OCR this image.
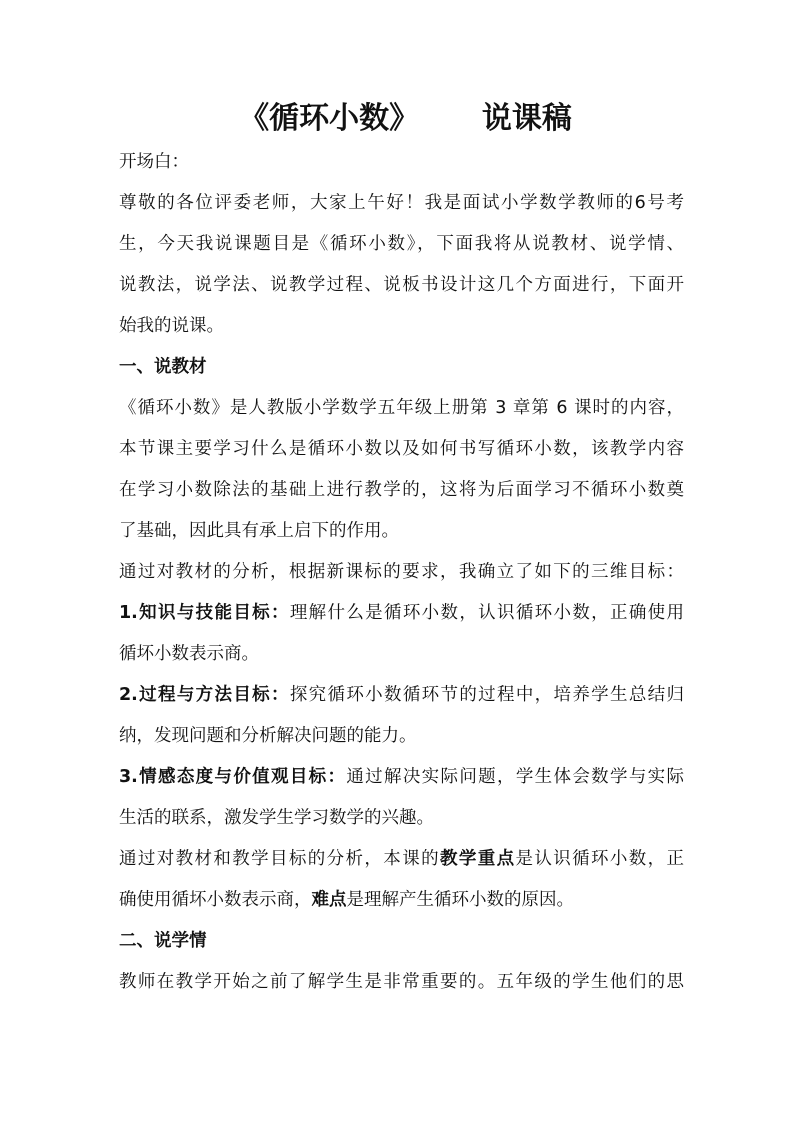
《循环小数》      说课稿

开场白：

尊敬的各位评委老师，大家上午好！我是面试小学数学教师的6号考

生，今天我说课题目是《循环小数》，下面我将从说教材、说学情、

说教法，说学法、说教学过程、说板书设计这几个方面进行，下面开

始我的说课。

一、说教材

《循环小数》是人教版小学数学五年级上册第 3 章第 6 课时的内容，

本节课主要学习什么是循环小数以及如何书写循环小数，该教学内容

在学习小数除法的基础上进行教学的，这将为后面学习不循环小数奠

了基础，因此具有承上启下的作用。

通过对教材的分析，根据新课标的要求，我确立了如下的三维目标：

1.知识与技能目标：理解什么是循环小数，认识循环小数，正确使用

循坏小数表示商。

2.过程与方法目标：探究循环小数循环节的过程中，培养学生总结归

纳，发现问题和分析解决问题的能力。

3.情感态度与价值观目标：通过解决实际问题，学生体会数学与实际

生活的联系，激发学生学习数学的兴趣。

通过对教材和教学目标的分析，本课的教学重点是认识循环小数，正

确使用循坏小数表示商，难点是理解产生循环小数的原因。

二、说学情

教师在教学开始之前了解学生是非常重要的。五年级的学生他们的思
